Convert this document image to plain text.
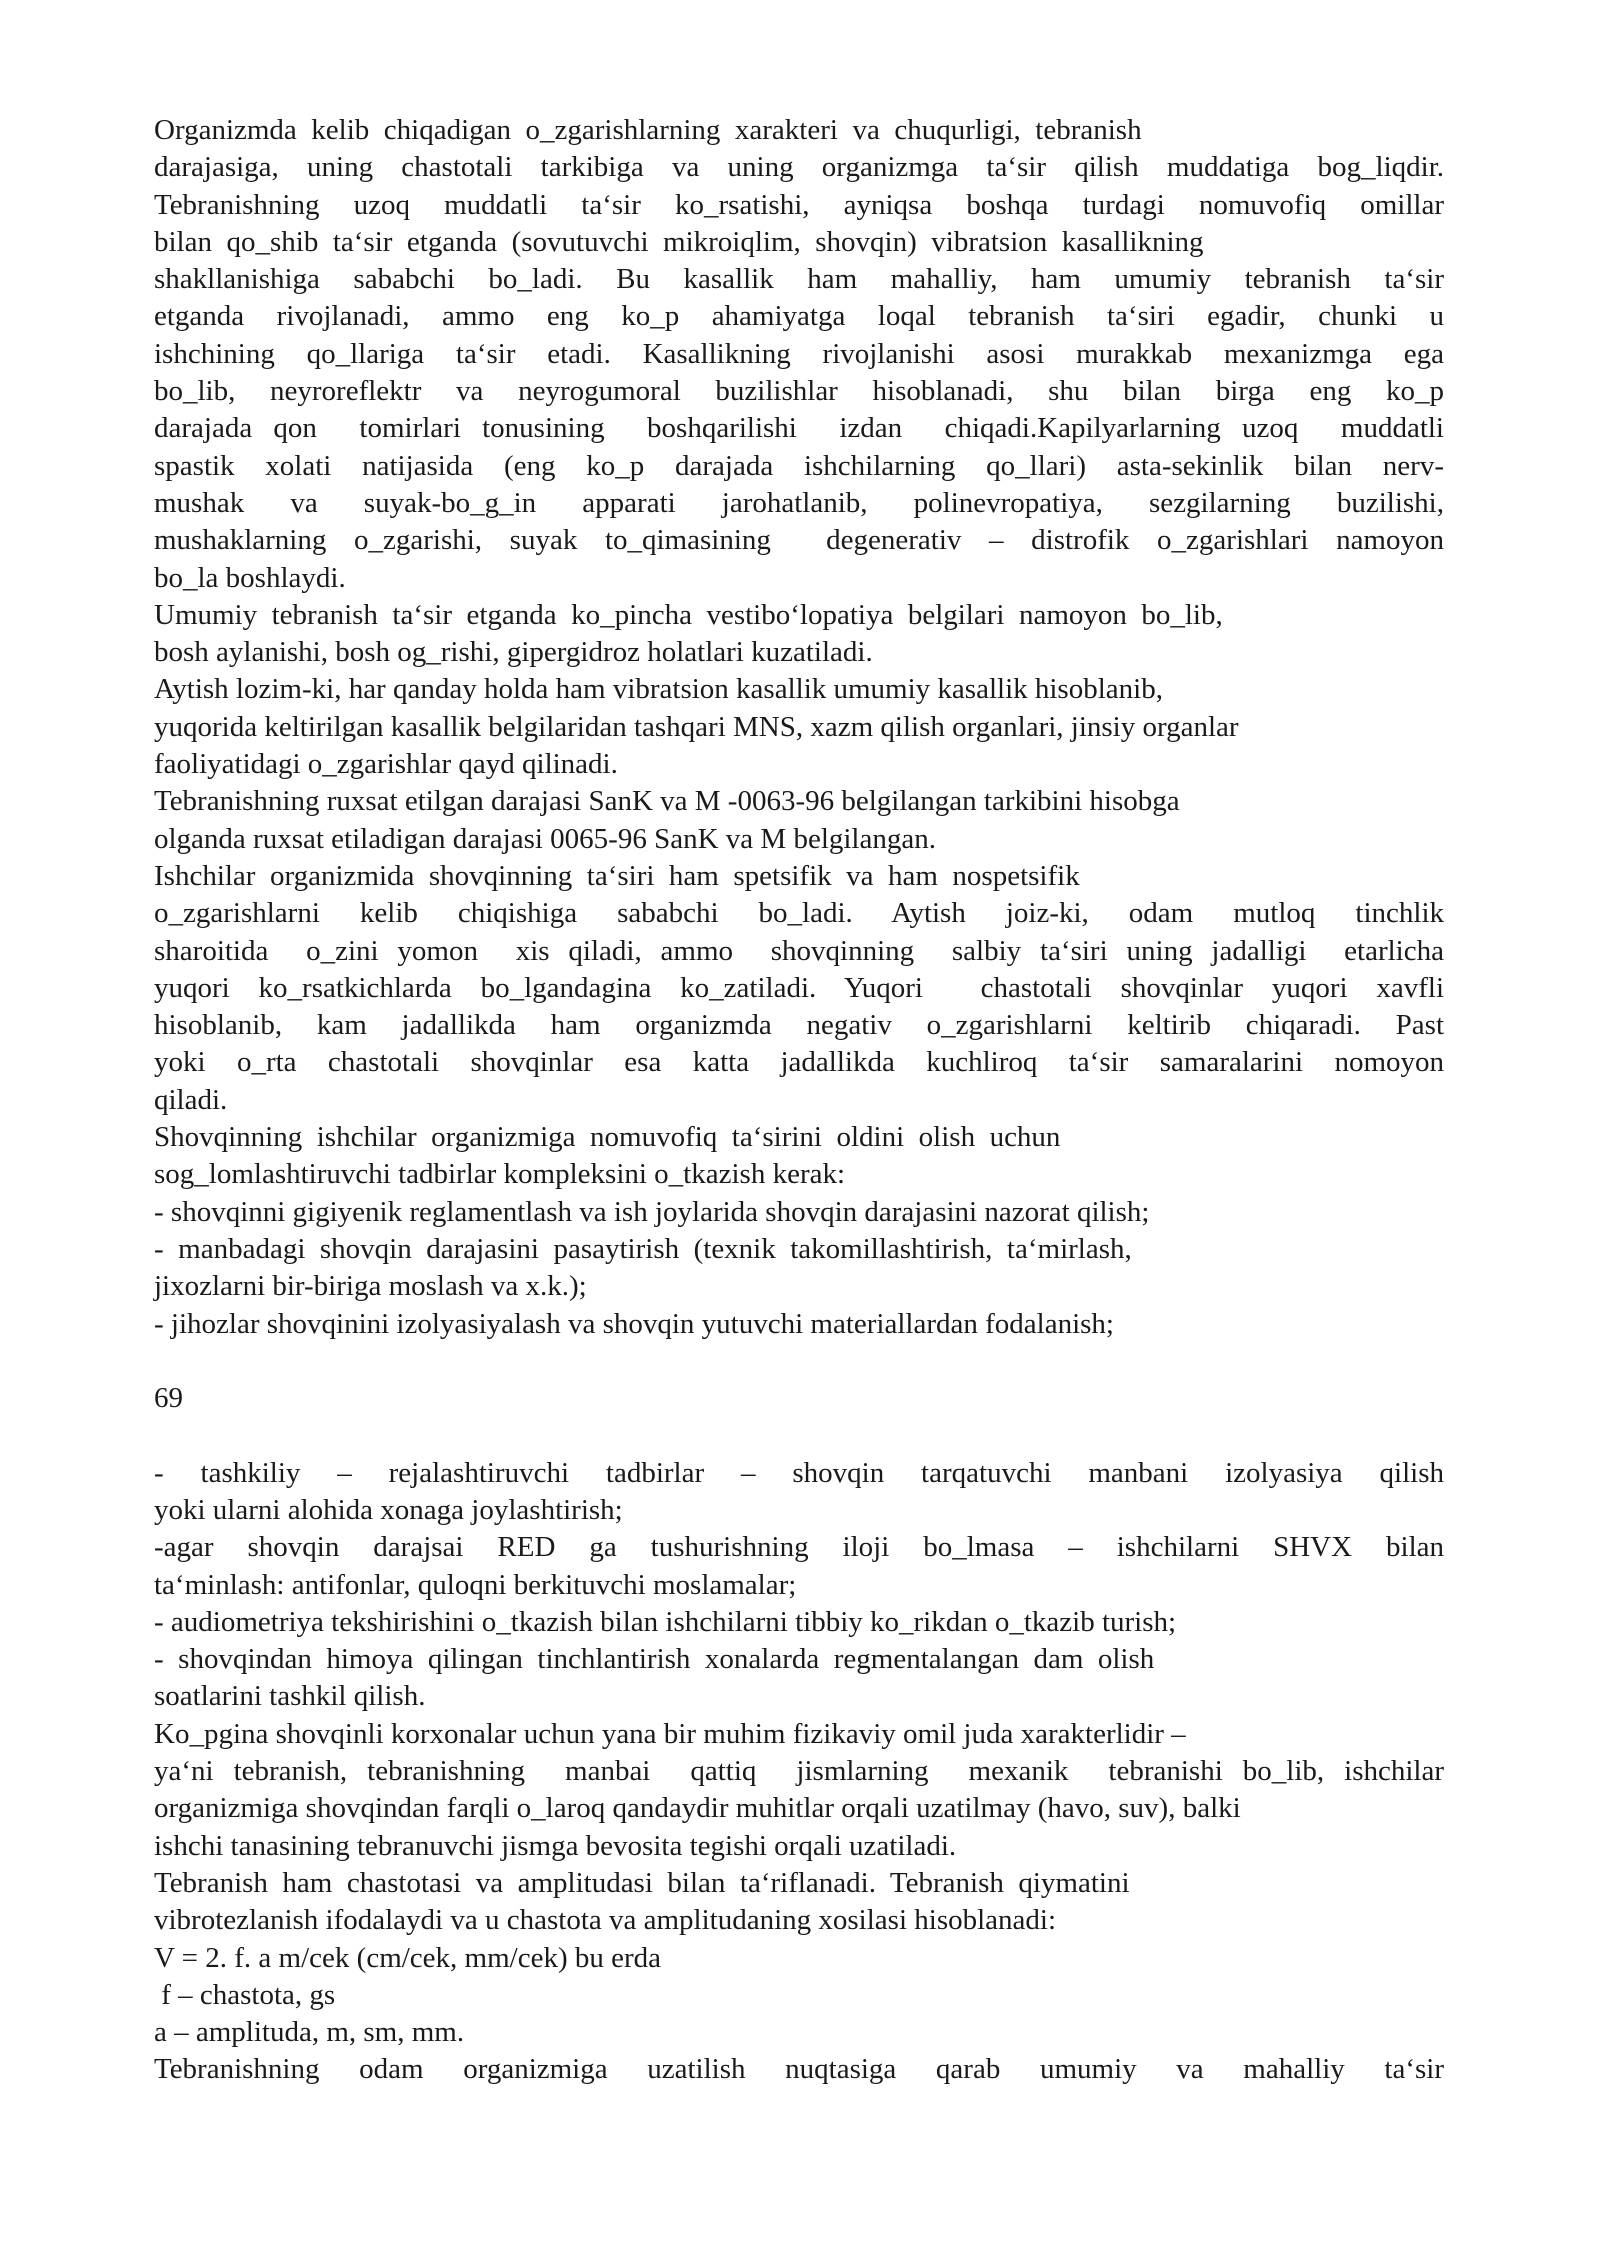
Organizmda  kelib  chiqadigan  o_zgarishlarning  xarakteri  va  chuqurligi,  tebranish
darajasiga, uning chastotali tarkibiga va uning organizmga ta‘sir qilish muddatiga bog_liqdir.
Tebranishning  uzoq  muddatli  ta‘sir  ko_rsatishi,  ayniqsa  boshqa  turdagi  nomuvofiq  omillar
bilan  qo_shib  ta‘sir  etganda  (sovutuvchi  mikroiqlim,  shovqin)  vibratsion  kasallikning
shakllanishiga  sababchi  bo_ladi.  Bu  kasallik  ham  mahalliy,  ham  umumiy  tebranish  ta‘sir
etganda  rivojlanadi,  ammo  eng  ko_p  ahamiyatga  loqal  tebranish  ta‘siri  egadir,  chunki  u
ishchining  qo_llariga  ta‘sir  etadi.  Kasallikning  rivojlanishi  asosi  murakkab  mexanizmga  ega
bo_lib,  neyroreflektr  va  neyrogumoral  buzilishlar  hisoblanadi,  shu  bilan  birga  eng  ko_p
darajada qon  tomirlari tonusining  boshqarilishi  izdan  chiqadi.Kapilyarlarning uzoq  muddatli
spastik  xolati  natijasida  (eng  ko_p  darajada  ishchilarning  qo_llari)  asta-sekinlik  bilan  nerv-
mushak  va  suyak-bo_g_in  apparati  jarohatlanib,  polinevropatiya,  sezgilarning  buzilishi,
mushaklarning o_zgarishi, suyak to_qimasining  degenerativ – distrofik o_zgarishlari namoyon
bo_la boshlaydi.
Umumiy  tebranish  ta‘sir  etganda  ko_pincha  vestibo‘lopatiya  belgilari  namoyon  bo_lib,
bosh aylanishi, bosh og_rishi, gipergidroz holatlari kuzatiladi.
Aytish lozim-ki, har qanday holda ham vibratsion kasallik umumiy kasallik hisoblanib,
yuqorida keltirilgan kasallik belgilaridan tashqari MNS, xazm qilish organlari, jinsiy organlar
faoliyatidagi o_zgarishlar qayd qilinadi.
Tebranishning ruxsat etilgan darajasi SanK va M -0063-96 belgilangan tarkibini hisobga
olganda ruxsat etiladigan darajasi 0065-96 SanK va M belgilangan.
Ishchilar  organizmida  shovqinning  ta‘siri  ham  spetsifik  va  ham  nospetsifik
o_zgarishlarni  kelib  chiqishiga  sababchi  bo_ladi.  Aytish  joiz-ki,  odam  mutloq  tinchlik
sharoitida  o_zini yomon  xis qiladi, ammo  shovqinning  salbiy ta‘siri uning jadalligi  etarlicha
yuqori ko_rsatkichlarda bo_lgandagina ko_zatiladi. Yuqori  chastotali shovqinlar yuqori xavfli
hisoblanib,  kam  jadallikda  ham  organizmda  negativ  o_zgarishlarni  keltirib  chiqaradi.  Past
yoki  o_rta  chastotali  shovqinlar  esa  katta  jadallikda  kuchliroq  ta‘sir  samaralarini  nomoyon
qiladi.
Shovqinning  ishchilar  organizmiga  nomuvofiq  ta‘sirini  oldini  olish  uchun
sog_lomlashtiruvchi tadbirlar kompleksini o_tkazish kerak:
- shovqinni gigiyenik reglamentlash va ish joylarida shovqin darajasini nazorat qilish;
-  manbadagi  shovqin  darajasini  pasaytirish  (texnik  takomillashtirish,  ta‘mirlash,
jixozlarni bir-biriga moslash va x.k.);
- jihozlar shovqinini izolyasiyalash va shovqin yutuvchi materiallardan fodalanish;
69
-  tashkiliy  –  rejalashtiruvchi  tadbirlar  –  shovqin  tarqatuvchi  manbani  izolyasiya  qilish
yoki ularni alohida xonaga joylashtirish;
-agar  shovqin  darajsai  RED  ga  tushurishning  iloji  bo_lmasa  –  ishchilarni  SHVX  bilan
ta‘minlash: antifonlar, quloqni berkituvchi moslamalar;
- audiometriya tekshirishini o_tkazish bilan ishchilarni tibbiy ko_rikdan o_tkazib turish;
-  shovqindan  himoya  qilingan  tinchlantirish  xonalarda  regmentalangan  dam  olish
soatlarini tashkil qilish.
Ko_pgina shovqinli korxonalar uchun yana bir muhim fizikaviy omil juda xarakterlidir –
ya‘ni tebranish, tebranishning  manbai  qattiq  jismlarning  mexanik  tebranishi bo_lib, ishchilar
organizmiga shovqindan farqli o_laroq qandaydir muhitlar orqali uzatilmay (havo, suv), balki
ishchi tanasining tebranuvchi jismga bevosita tegishi orqali uzatiladi.
Tebranish  ham  chastotasi  va  amplitudasi  bilan  ta‘riflanadi.  Tebranish  qiymatini
vibrotezlanish ifodalaydi va u chastota va amplitudaning xosilasi hisoblanadi:
V = 2. f. a m/cek (cm/cek, mm/cek) bu erda
f – chastota, gs
a – amplituda, m, sm, mm.
Tebranishning  odam  organizmiga  uzatilish  nuqtasiga  qarab  umumiy  va  mahalliy  ta‘sir
